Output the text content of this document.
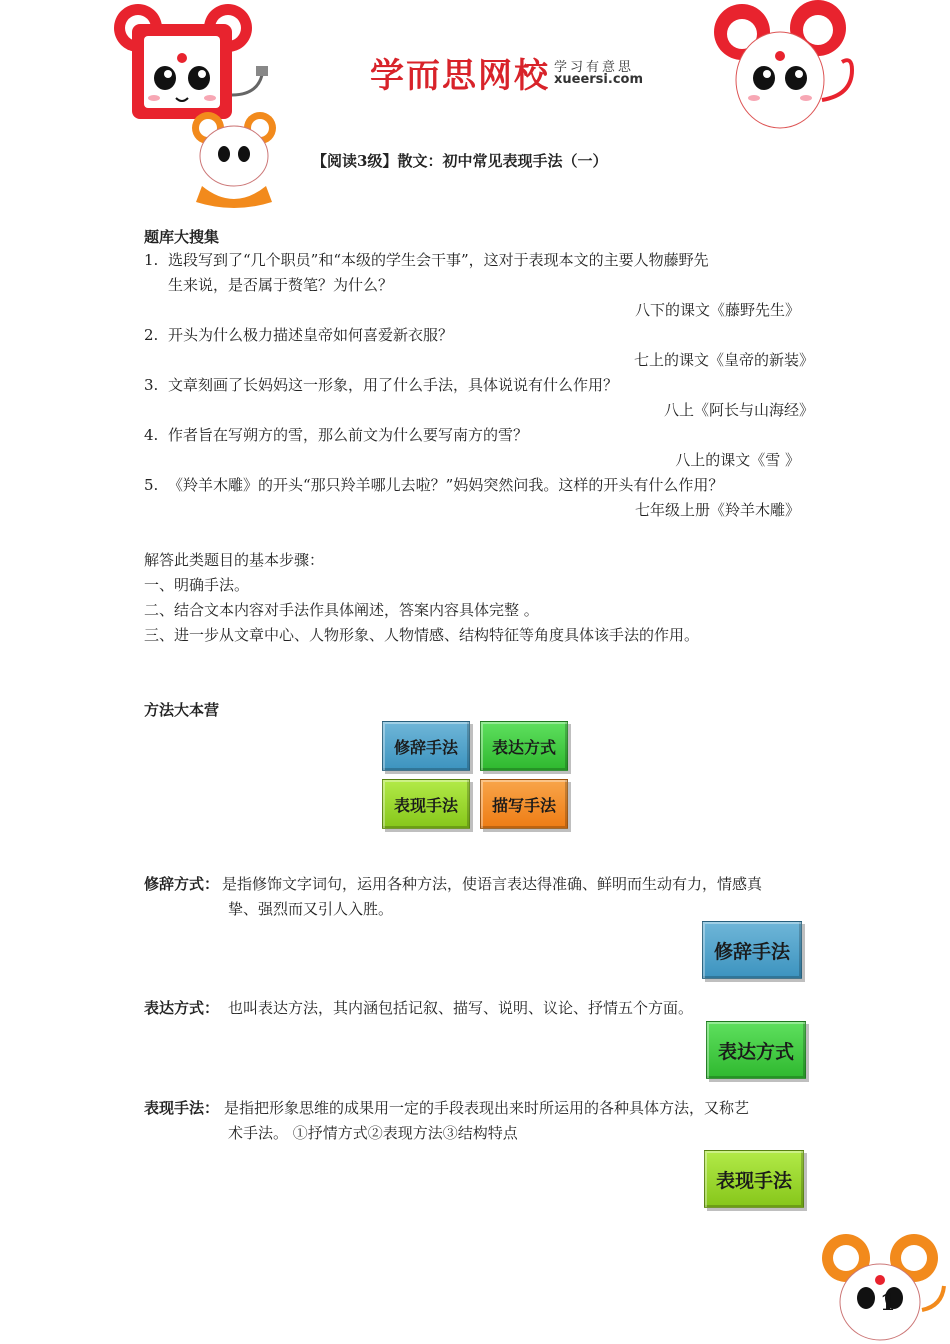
学而思网校 学习有意思
xueersi.com
【阅读3级】散文：初中常见表现手法（一）
题库大搜集
1. 选段写到了“几个职员”和“本级的学生会干事”，这对于表现本文的主要人物藤野先
生来说，是否属于赘笔？为什么？
八下的课文《藤野先生》
2. 开头为什么极力描述皇帝如何喜爱新衣服？
七上的课文《皇帝的新装》
3. 文章刻画了长妈妈这一形象，用了什么手法，具体说说有什么作用？
八上《阿长与山海经》
4. 作者旨在写朔方的雪，那么前文为什么要写南方的雪？
八上的课文《雪 》
5. 《羚羊木雕》的开头“那只羚羊哪儿去啦？”妈妈突然问我。这样的开头有什么作用？
七年级上册《羚羊木雕》
解答此类题目的基本步骤：
一、明确手法。
二、结合文本内容对手法作具体阐述，答案内容具体完整 。
三、进一步从文章中心、人物形象、人物情感、结构特征等角度具体该手法的作用。
方法大本营
修辞手法	表达方式
表现手法	描写手法
修辞方式： 是指修饰文字词句，运用各种方法，使语言表达得准确、鲜明而生动有力，情感真
挚、强烈而又引人入胜。
修辞手法
表达方式： 也叫表达方法，其内涵包括记叙、描写、说明、议论、抒情五个方面。
表达方式
表现手法： 是指把形象思维的成果用一定的手段表现出来时所运用的各种具体方法，又称艺
术手法。 ①抒情方式②表现方法③结构特点
表现手法
1
